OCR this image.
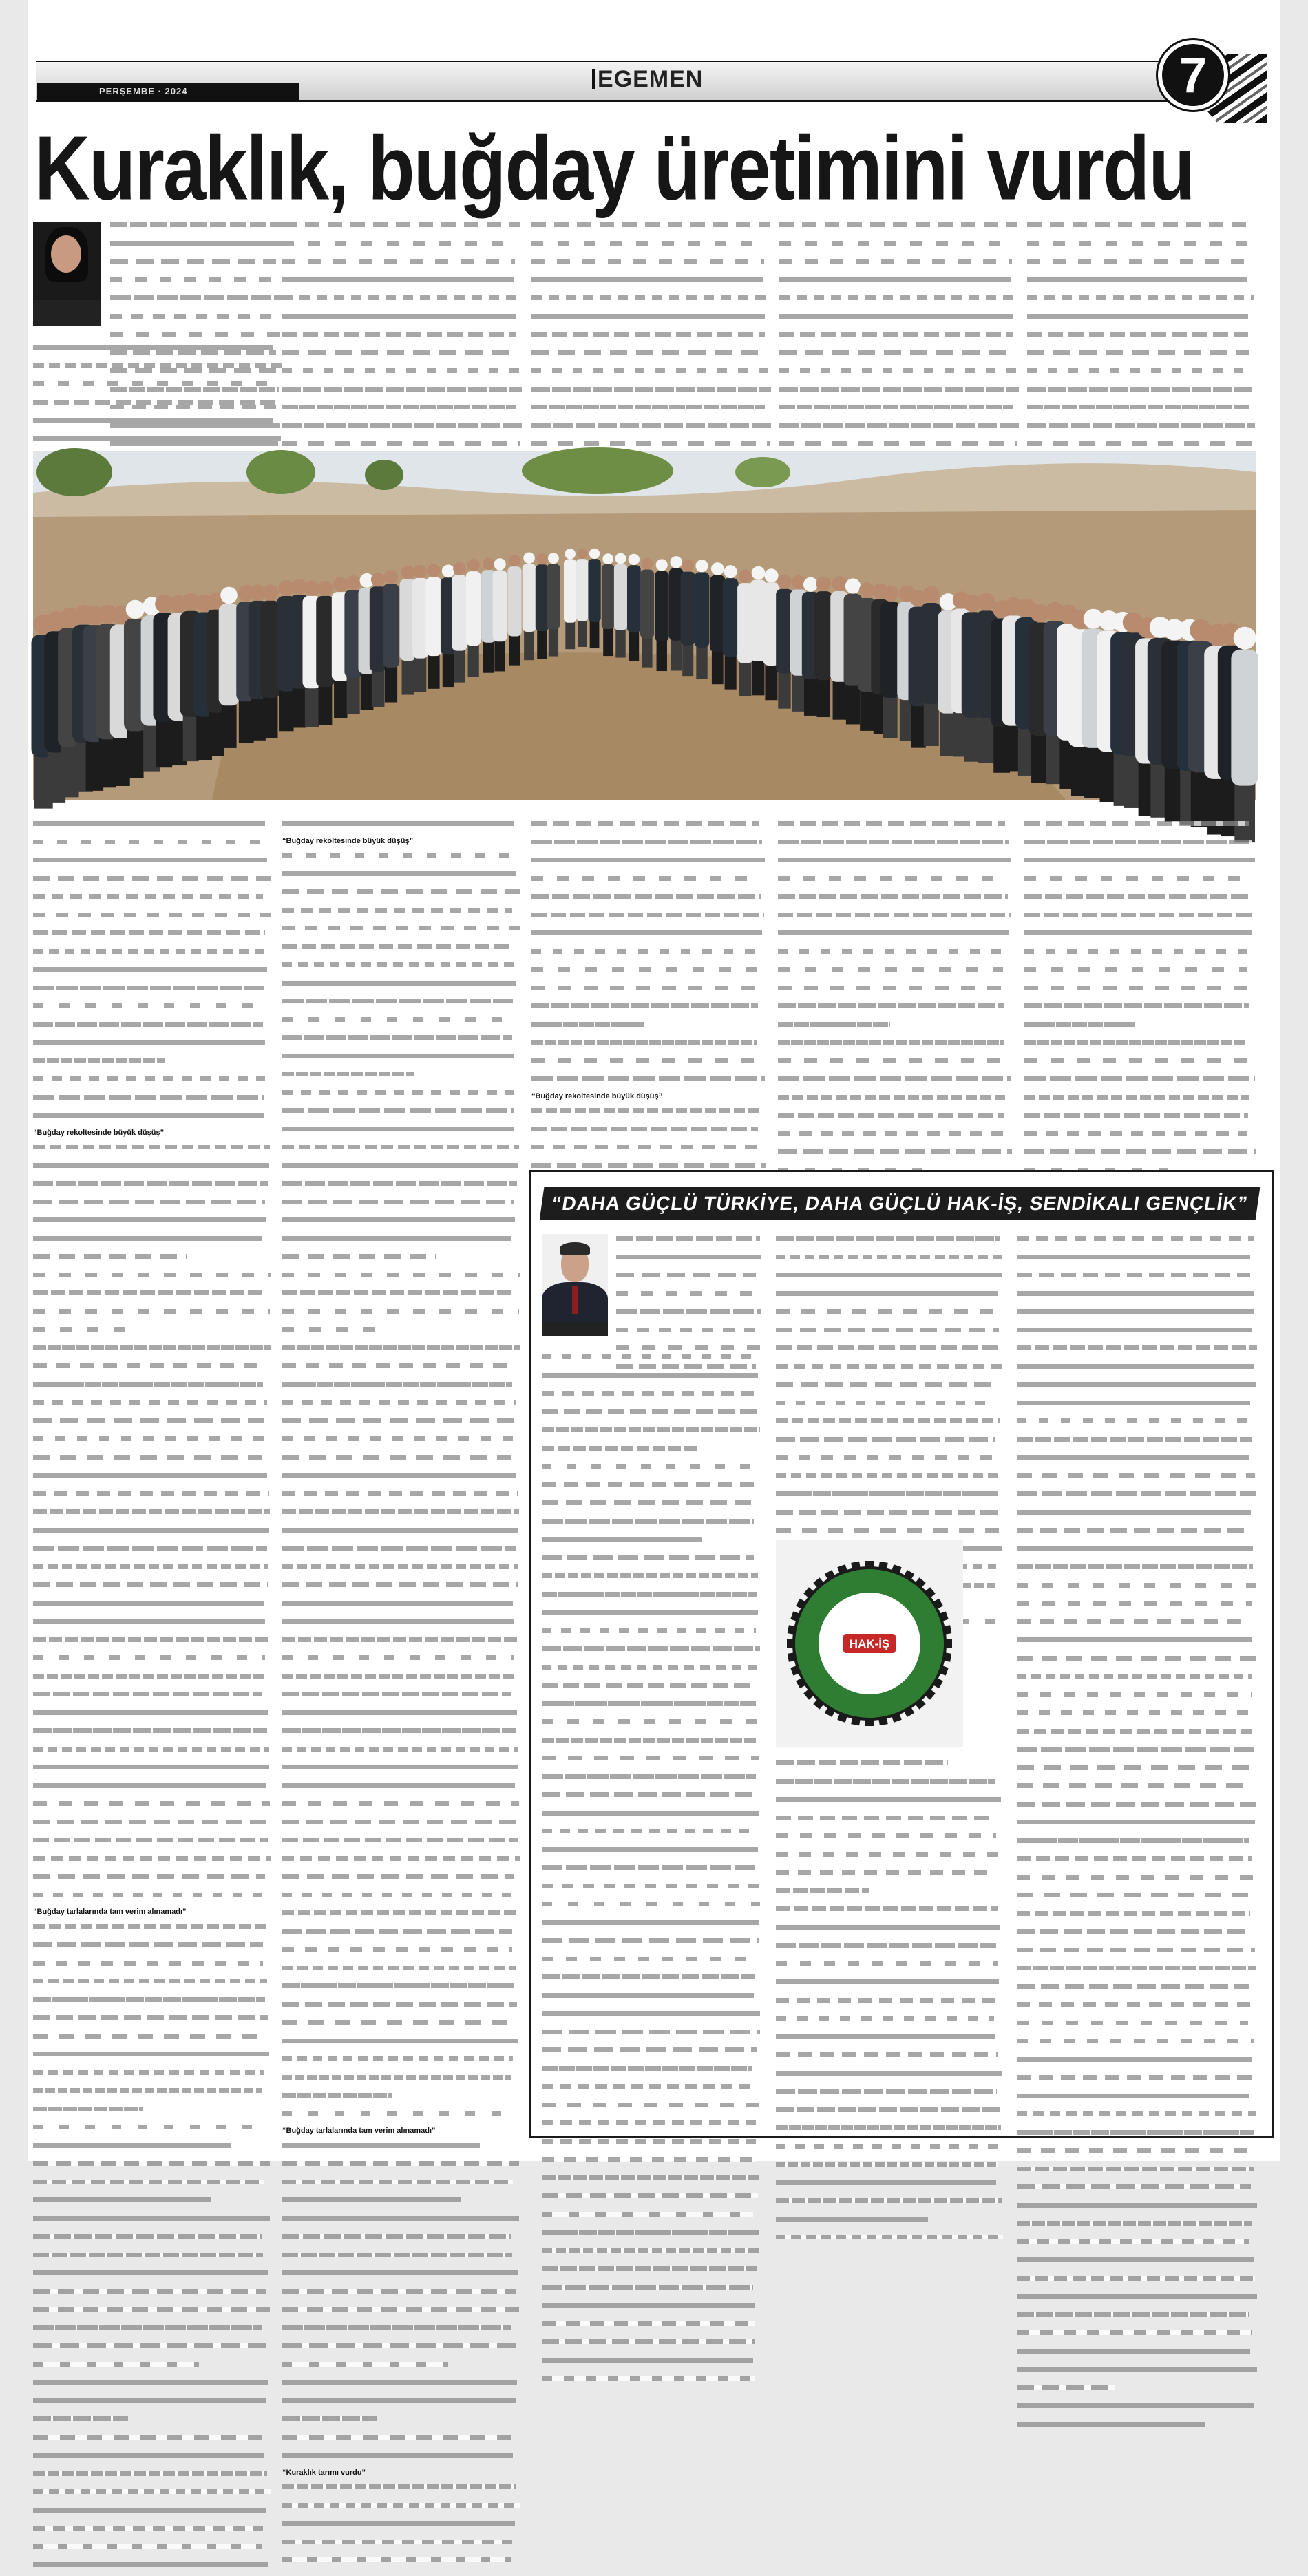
PERŞEMBE · 2024	EGEMEN	7
Kuraklık, buğday üretimini vurdu
“Buğday rekoltesinde büyük düşüş”
“Buğday tarlalarında tam verim alınamadı”
“Buğday rekoltesinde büyük düşüş”
“Buğday tarlalarında tam verim alınamadı”
“Kuraklık tarımı vurdu”
“Buğday rekoltesinde büyük düşüş”
“DAHA GÜÇLÜ TÜRKİYE, DAHA GÜÇLÜ HAK-İŞ, SENDİKALI GENÇLİK”
HAK-İŞ
